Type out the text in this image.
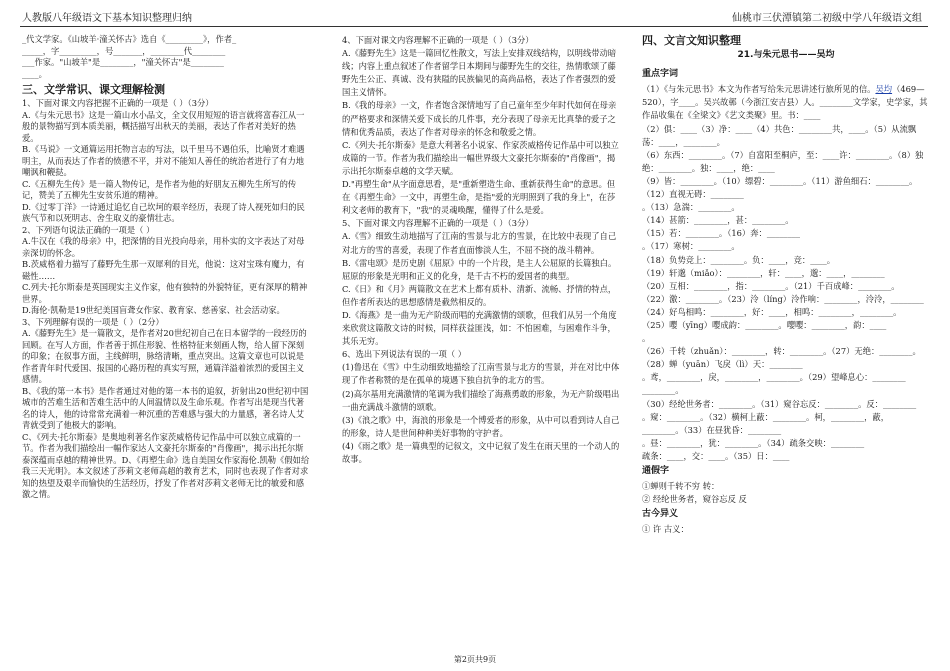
人教版八年级语文下基本知识整理归纳	仙桃市三伏潭镇第二初级中学八年级语文组

_代文学家。《山坡羊·潼关怀古》选自《_________》，作者_

_____，字_________，号_______，________代________

___作家。"山坡羊"是________，"潼关怀古"是________

____。

三、文学常识、课文理解检测

1、下面对课文内容把握不正确的一项是（ ）（3分）

A.《与朱元思书》这是一篇山水小品文，全文仅用短短的语言就将富春江从一般的景物描写到本质美丽，概括描写出秋天的美丽，表达了作者对美好的热爱。

B.《马说》一文通篇运用托物言志的写法，以千里马不遇伯乐，比喻贤才难遇明主，从而表达了作者的愤懑不平，并对不能知人善任的统治者进行了有力地嘲讽和鞭挞。

C.《五柳先生传》是一篇人物传记，是作者为他的好朋友五柳先生所写的传记，赞美了五柳先生安贫乐道的精神。

D.《过零丁洋》一诗通过追忆自己坎坷的艰辛经历，表现了诗人视死如归的民族气节和以死明志、舍生取义的豪情壮志。

2、下列语句说法正确的一项是（ ）

A.牛汉在《我的母亲》中，把深情的目光投向母亲，用朴实的文字表达了对母亲深切的怀念。

B.茨威格着力描写了藤野先生那一双犀利的目光，他说：这对宝珠有魔力，有磁性……

C.列夫·托尔斯泰是英国现实主义作家，他有独特的外貌特征，更有深厚的精神世界。

D.海伦·凯勒是19世纪美国盲聋女作家、教育家、慈善家、社会活动家。

3、下列理解有误的一项是（ ）（2分）

A.《藤野先生》是一篇散文，是作者对20世纪初自己在日本留学的一段经历的回顾。在写人方面，作者善于抓住形貌、性格特征来刻画人物，给人留下深刻的印象；在叙事方面，主线鲜明，脉络清晰，重点突出。这篇文章也可以说是作者青年时代爱国、报国的心路历程的真实写照，通篇洋溢着浓烈的爱国主义感情。

B、《我的第一本书》是作者通过对他的第一本书的追叙，折射出20世纪初中国城市的苦难生活和苦难生活中的人间温情以及生命乐观。作者写出是现当代著名的诗人，他的诗常常充满着一种沉重的苦难感与强大的力量感，著名诗人艾青就受到了他极大的影响。

C、《列夫·托尔斯泰》是奥地利著名作家茨威格传记作品中可以独立成篇的一节。作者为我们描绘出一幅作家达人文豪托尔斯泰的"肖像画"，揭示出托尔斯泰深蕴而卓越的精神世界。D、《再塑生命》选自美国女作家海伦.凯勒《假如给我三天光明》。本文叙述了莎莉文老师高超的教育艺术，同时也表现了作者对求知的热望及艰辛而愉快的生活经历，抒发了作者对莎莉文老师无比的敏爱和感激之情。

4、下面对课文内容理解不正确的一项是（ ）（3分）

A.《藤野先生》这是一篇回忆性散文，写法上安排双线结构，以明线带动暗线；内容上重点叙述了作者留学日本期间与藤野先生的交往，热情歌颂了藤野先生公正、真诚、没有狭隘的民族偏见的高尚品格，表达了作者强烈的爱国主义情怀。

B.《我的母亲》一文，作者饱含深情地写了自己童年至少年时代如何在母亲的严格要求和深情关爱下成长的几件事，充分表现了母亲无比真挚的爱子之情和优秀品质，表达了作者对母亲的怀念和敬爱之情。

C.《列夫·托尔斯泰》是意大利著名小说家、作家茨威格传记作品中可以独立成篇的一节。作者为我们描绘出一幅世界级大文豪托尔斯泰的"肖像画"，揭示出托尔斯泰卓越的文学天赋。

D."再塑生命"从字面意思看，是"重新塑造生命、重新获得生命"的意思。但在《再塑生命》一文中，再塑生命，是指"爱的光明照到了我的身上"，在莎利文老师的教育下，"我"的灵魂唤醒，懂得了什么是爱。

5、下面对课文内容理解不正确的一项是（ ）（3分）

A.《雪》细致生动地描写了江南的雪景与北方的雪景，在比较中表现了自己对北方的雪的喜爱，表现了作者直面惨淡人生，不屈不挠的战斗精神。

B.《雷电颂》是历史剧《屈原》中的一个片段，是主人公屈原的长篇独白。屈原的形象是光明和正义的化身，是千古不朽的爱国者的典型。

C.《日》和《月》两篇散文在艺术上都有质朴、清新、流畅、抒情的特点，但作者所表达的思想感情是截然相反的。

D.《海燕》是一曲为无产阶级而唱的充满激情的颂歌，但我们从另一个角度来欣赏这篇散文诗的时候，同样获益匪浅，如：不怕困难，与困难作斗争，其乐无穷。

6、选出下列说法有误的一项（ ）

(1)鲁迅在《雪》中生动细致地描绘了江南雪景与北方的雪景，并在对比中体现了作者称赞的是在孤单的境遇下独自抗争的北方的雪。

(2)高尔基用充满激情的笔调为我们描绘了海燕勇敢的形象，为无产阶级唱出一曲充满战斗激情的颂歌。

(3)《浪之歌》中，海浪的形象是一个博爱者的形象，从中可以看到诗人自己的形象，诗人是世间种种美好事物的守护者。

(4)《雨之歌》是一篇典型的记叙文，文中记叙了发生在雨天里的一个动人的故事。

四、文言文知识整理
21.与朱元思书——吴均
重点字词

（1）《与朱元思书》本文为作者写给朱元思讲述行旅所见的信。吴均（469—520），字____。吴兴故鄣（今浙江安吉县）人。________文学家，史学家，其作品收集在《全梁文》《艺文类聚》里。书：____

（2）俱：____（3）净：____（4）共色：________共，____。（5）从流飘荡：____，________。

（6）东西：________。（7）自富阳至桐庐，至：____许：________。（8）独绝：________。独：____，绝：____

（9）皆：________。（10）缥碧：________。（11）游鱼细石：________。（12）直视无碍：________

。（13）急湍：________。

（14）甚箭：________，甚：________。

（15）若：________。（16）奔：________

。（17）寒树：________。

（18）负势竞上：________。负：____，竞：____。

（19）轩邈（miǎo）：________，轩：____，邈：____，________

（20）互相：________，指：________。（21）千百成峰：________。

（22）激：________。（23）泠（líng）泠作响：________，泠泠，________

（24）好鸟相鸣：________，好：____，相鸣：________，________。

（25）嘤（yīng）嘤成韵：________。嘤嘤：________，韵：____

。

（26）千转（zhuǎn）：________，转：________。（27）无绝：________。（28）蝉（yuān）飞戾（lì）天：________

。鸢，________，戾，________，________。（29）望峰息心：________

________。

（30）经纶世务者：________。（31）窥谷忘反：________。反：________

。窥：________。（32）横柯上蔽：________。柯，________，蔽，________。（33）在昼犹昏：________

。昼：________，犹：________。（34）疏条交映：________

疏条：____，交：____。（35）日：____

通假字

①蝉则千转不穷 转：

② 经纶世务者，窥谷忘反 反

古今异义

① 许 古义：

第2页共9页
